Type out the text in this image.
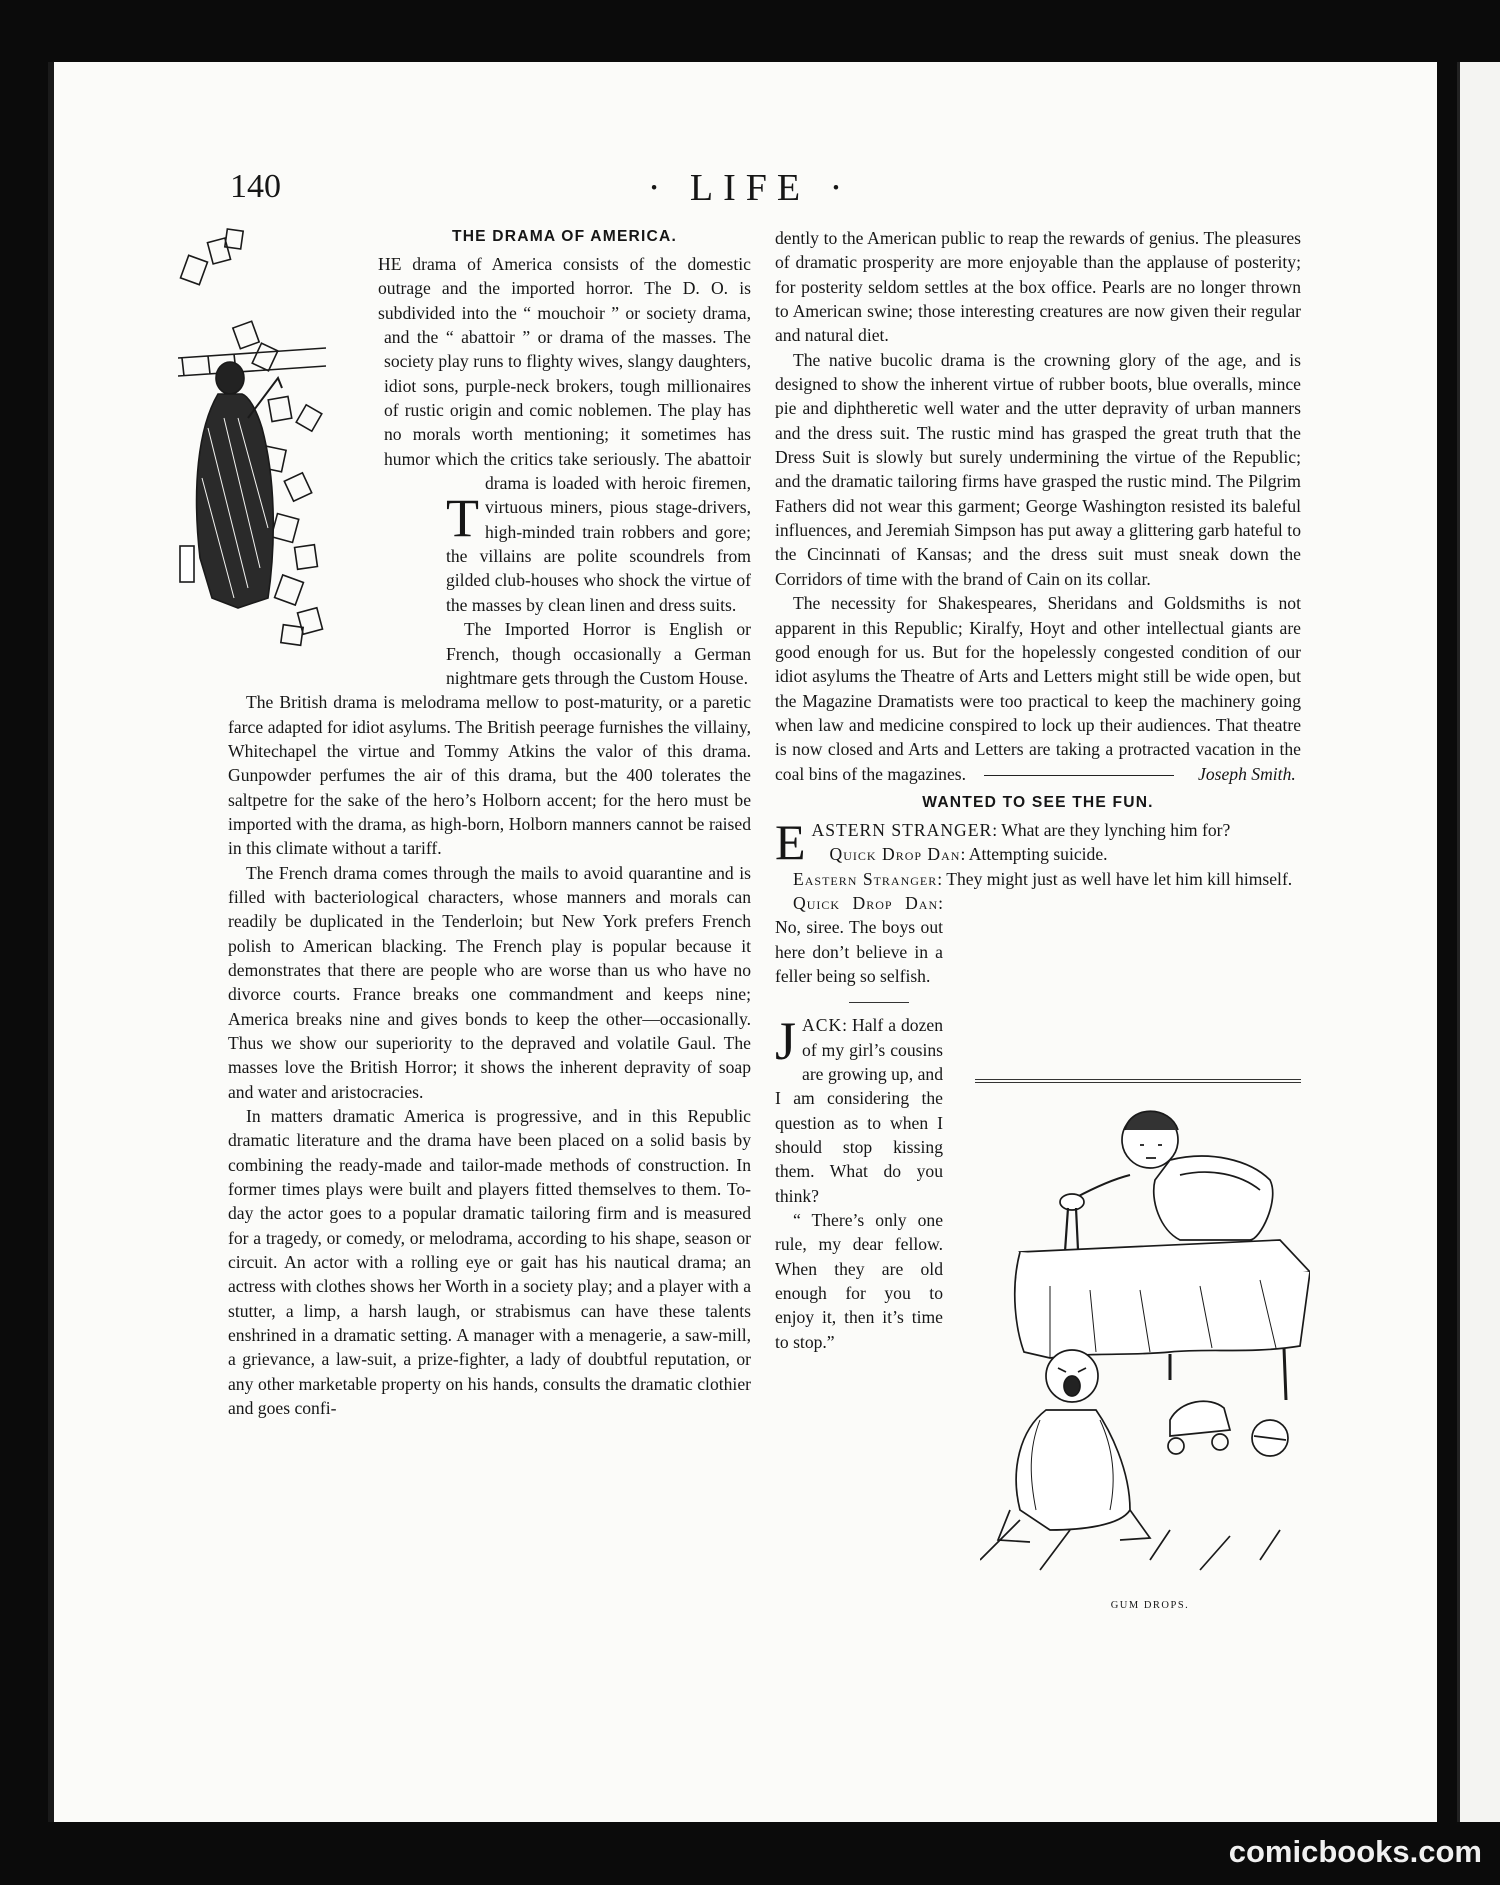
140	· LIFE ·
THE DRAMA OF AMERICA.

T
HE drama of America consists of the domestic outrage and the imported horror. The D. O. is subdivided into the “ mouchoir ” or society drama, and the “ abattoir ” or drama of the masses. The society play runs to flighty wives, slangy daughters, idiot sons, purple-neck brokers, tough millionaires of rustic origin and comic noblemen. The play has no morals worth mentioning; it sometimes has humor which the critics take seriously. The abattoir drama is loaded with heroic firemen, virtuous miners, pious stage-drivers, high-minded train robbers and gore; the villains are polite scoundrels from gilded club-houses who shock the virtue of the masses by clean linen and dress suits.

The Imported Horror is English or French, though occasionally a German nightmare gets through the Custom House.

The British drama is melodrama mellow to post-maturity, or a paretic farce adapted for idiot asylums. The British peerage furnishes the villainy, Whitechapel the virtue and Tommy Atkins the valor of this drama. Gunpowder perfumes the air of this drama, but the 400 tolerates the saltpetre for the sake of the hero’s Holborn accent; for the hero must be imported with the drama, as high-born, Holborn manners cannot be raised in this climate without a tariff.

The French drama comes through the mails to avoid quarantine and is filled with bacteriological characters, whose manners and morals can readily be duplicated in the Tenderloin; but New York prefers French polish to American blacking. The French play is popular because it demonstrates that there are people who are worse than us who have no divorce courts. France breaks one commandment and keeps nine; America breaks nine and gives bonds to keep the other—occasionally. Thus we show our superiority to the depraved and volatile Gaul. The masses love the British Horror; it shows the inherent depravity of soap and water and aristocracies.

In matters dramatic America is progressive, and in this Republic dramatic literature and the drama have been placed on a solid basis by combining the ready-made and tailor-made methods of construction. In former times plays were built and players fitted themselves to them. To-day the actor goes to a popular dramatic tailoring firm and is measured for a tragedy, or comedy, or melodrama, according to his shape, season or circuit. An actor with a rolling eye or gait has his nautical drama; an actress with clothes shows her Worth in a society play; and a player with a stutter, a limp, a harsh laugh, or strabismus can have these talents enshrined in a dramatic setting. A manager with a menagerie, a saw-mill, a grievance, a law-suit, a prize-fighter, a lady of doubtful reputation, or any other marketable property on his hands, consults the dramatic clothier and goes confi-

dently to the American public to reap the rewards of genius. The pleasures of dramatic prosperity are more enjoyable than the applause of posterity; for posterity seldom settles at the box office. Pearls are no longer thrown to American swine; those interesting creatures are now given their regular and natural diet.

The native bucolic drama is the crowning glory of the age, and is designed to show the inherent virtue of rubber boots, blue overalls, mince pie and diphtheretic well water and the utter depravity of urban manners and the dress suit. The rustic mind has grasped the great truth that the Dress Suit is slowly but surely undermining the virtue of the Republic; and the dramatic tailoring firms have grasped the rustic mind. The Pilgrim Fathers did not wear this garment; George Washington resisted its baleful influences, and Jeremiah Simpson has put away a glittering garb hateful to the Cincinnati of Kansas; and the dress suit must sneak down the Corridors of time with the brand of Cain on its collar.

The necessity for Shakespeares, Sheridans and Goldsmiths is not apparent in this Republic; Kiralfy, Hoyt and other intellectual giants are good enough for us. But for the hopelessly congested condition of our idiot asylums the Theatre of Arts and Letters might still be wide open, but the Magazine Dramatists were too practical to keep the machinery going when law and medicine conspired to lock up their audiences. That theatre is now closed and Arts and Letters are taking a protracted vacation in the coal bins of the magazines.	Joseph Smith.

WANTED TO SEE THE FUN.

EASTERN STRANGER: What are they lynching him for?

Quick Drop Dan: Attempting suicide.

Eastern Stranger: They might just as well have let him kill himself.

Quick Drop Dan: No, siree. The boys out here don’t believe in a feller being so selfish.

JACK: Half a dozen of my girl’s cousins are growing up, and I am considering the question as to when I should stop kissing them. What do you think?

“ There’s only one rule, my dear fellow. When they are old enough for you to enjoy it, then it’s time to stop.”

GUM DROPS.
comicbooks.com
